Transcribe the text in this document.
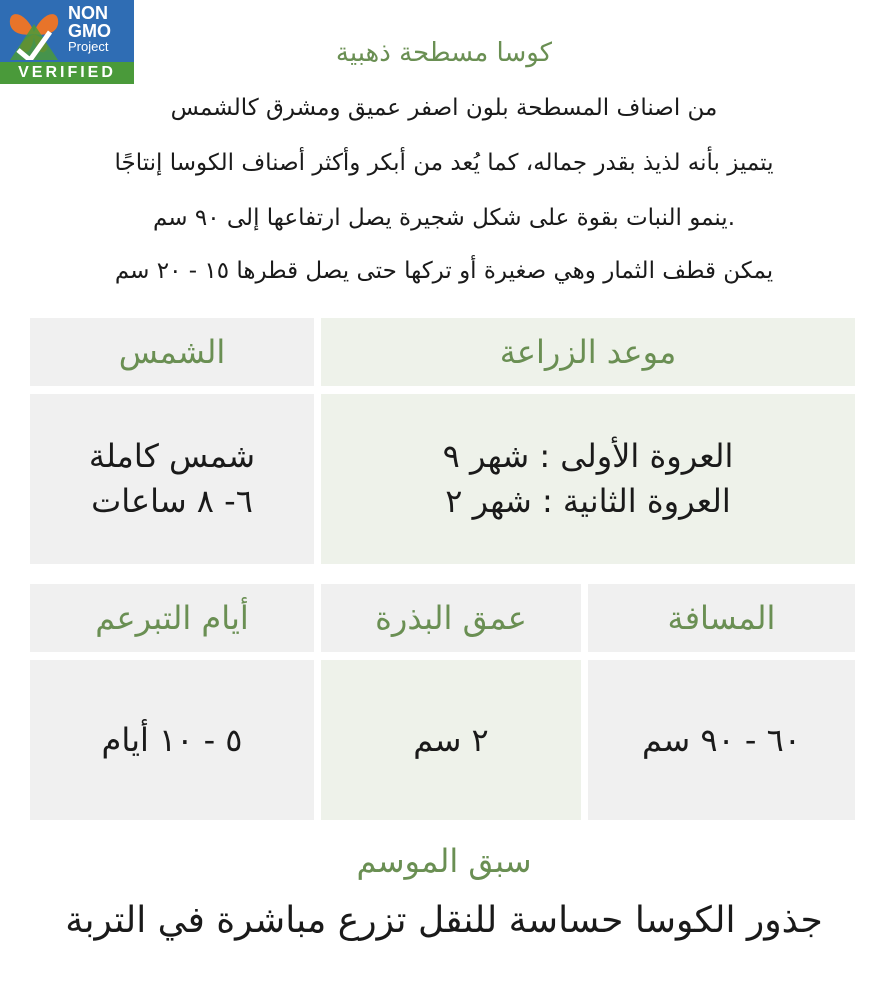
NON
GMO
Project
VERIFIED
كوسا مسطحة ذهبية
من اصناف المسطحة بلون اصفر عميق ومشرق كالشمس
يتميز بأنه لذيذ بقدر جماله، كما يُعد من أبكر وأكثر أصناف الكوسا إنتاجًا
.ينمو النبات بقوة على شكل شجيرة يصل ارتفاعها إلى ٩٠ سم
يمكن قطف الثمار وهي صغيرة أو تركها حتى يصل قطرها ١٥ - ٢٠ سم
موعد الزراعة
الشمس
العروة الأولى : شهر ٩
العروة الثانية : شهر ٢
شمس كاملة
٦- ٨ ساعات
المسافة
عمق البذرة
أيام التبرعم
٦٠ - ٩٠ سم
٢ سم
٥ - ١٠ أيام
سبق الموسم
جذور الكوسا حساسة للنقل تزرع مباشرة في التربة
